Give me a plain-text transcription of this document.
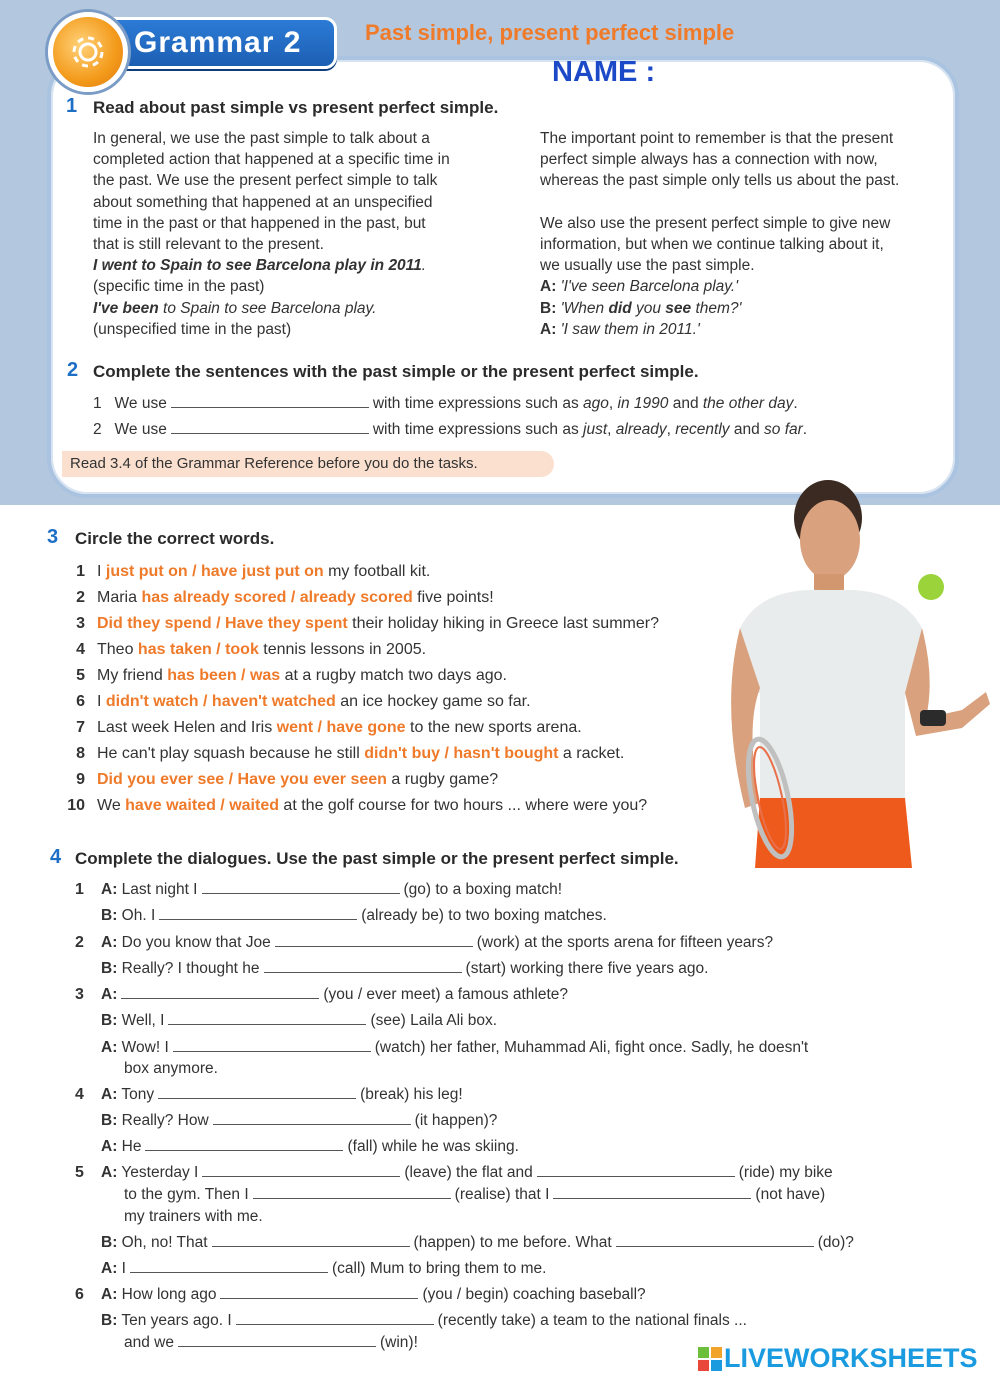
Grammar 2	Past simple, present perfect simple
NAME :
1 Read about past simple vs present perfect simple.
In general, we use the past simple to talk about a
completed action that happened at a specific time in
the past. We use the present perfect simple to talk
about something that happened at an unspecified
time in the past or that happened in the past, but
that is still relevant to the present.
I went to Spain to see Barcelona play in 2011.
(specific time in the past)
I've been to Spain to see Barcelona play.
(unspecified time in the past)
The important point to remember is that the present
perfect simple always has a connection with now,
whereas the past simple only tells us about the past.
We also use the present perfect simple to give new
information, but when we continue talking about it,
we usually use the past simple.
A: 'I've seen Barcelona play.'
B: 'When did you see them?'
A: 'I saw them in 2011.'
2 Complete the sentences with the past simple or the present perfect simple.
1 We use	with time expressions such as ago, in 1990 and the other day.
2 We use	with time expressions such as just, already, recently and so far.
Read 3.4 of the Grammar Reference before you do the tasks.
3 Circle the correct words.
1 I just put on / have just put on my football kit.
2 Maria has already scored / already scored five points!
3 Did they spend / Have they spent their holiday hiking in Greece last summer?
4 Theo has taken / took tennis lessons in 2005.
5 My friend has been / was at a rugby match two days ago.
6 I didn't watch / haven't watched an ice hockey game so far.
7 Last week Helen and Iris went / have gone to the new sports arena.
8 He can't play squash because he still didn't buy / hasn't bought a racket.
9 Did you ever see / Have you ever seen a rugby game?
10 We have waited / waited at the golf course for two hours ... where were you?
4 Complete the dialogues. Use the past simple or the present perfect simple.
1 A: Last night I	(go) to a boxing match!
B: Oh. I	(already be) to two boxing matches.
2 A: Do you know that Joe	(work) at the sports arena for fifteen years?
B: Really? I thought he	(start) working there five years ago.
3 A:	(you / ever meet) a famous athlete?
B: Well, I	(see) Laila Ali box.
A: Wow! I	(watch) her father, Muhammad Ali, fight once. Sadly, he doesn't
box anymore.
4 A: Tony	(break) his leg!
B: Really? How	(it happen)?
A: He	(fall) while he was skiing.
5 A: Yesterday I	(leave) the flat and	(ride) my bike
to the gym. Then I	(realise) that I	(not have)
my trainers with me.
B: Oh, no! That	(happen) to me before. What	(do)?
A: I	(call) Mum to bring them to me.
6 A: How long ago	(you / begin) coaching baseball?
B: Ten years ago. I	(recently take) a team to the national finals ...
and we	(win)!
LIVEWORKSHEETS
